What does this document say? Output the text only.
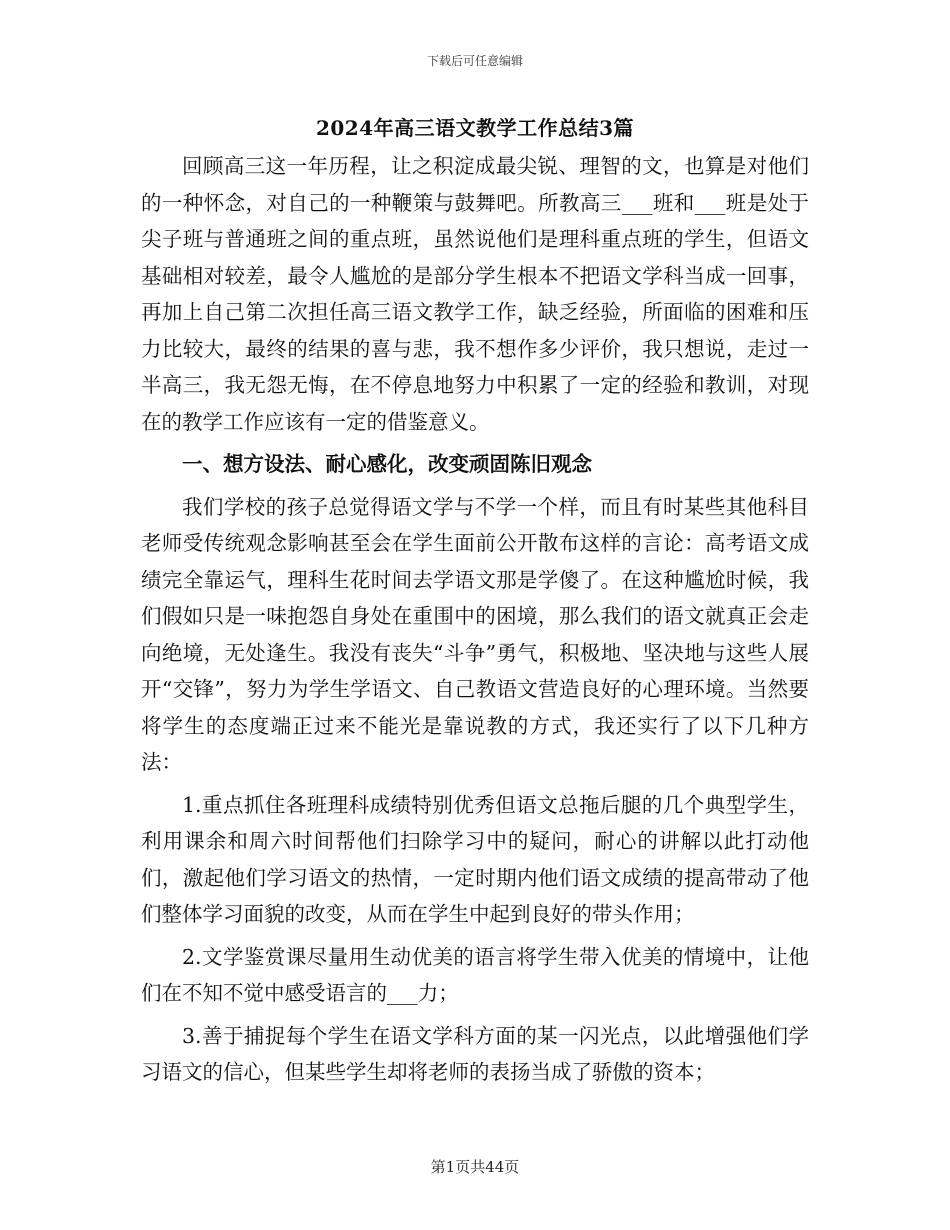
下载后可任意编辑
2024年高三语文教学工作总结3篇

回顾高三这一年历程，让之积淀成最尖锐、理智的文，也算是对他们的一种怀念，对自己的一种鞭策与鼓舞吧。所教高三___班和___班是处于尖子班与普通班之间的重点班，虽然说他们是理科重点班的学生，但语文基础相对较差，最令人尴尬的是部分学生根本不把语文学科当成一回事，再加上自己第二次担任高三语文教学工作，缺乏经验，所面临的困难和压力比较大，最终的结果的喜与悲，我不想作多少评价，我只想说，走过一半高三，我无怨无悔，在不停息地努力中积累了一定的经验和教训，对现在的教学工作应该有一定的借鉴意义。

一、想方设法、耐心感化，改变顽固陈旧观念

我们学校的孩子总觉得语文学与不学一个样，而且有时某些其他科目老师受传统观念影响甚至会在学生面前公开散布这样的言论：高考语文成绩完全靠运气，理科生花时间去学语文那是学傻了。在这种尴尬时候，我们假如只是一味抱怨自身处在重围中的困境，那么我们的语文就真正会走向绝境，无处逢生。我没有丧失“斗争”勇气，积极地、坚决地与这些人展开“交锋”，努力为学生学语文、自己教语文营造良好的心理环境。当然要将学生的态度端正过来不能光是靠说教的方式，我还实行了以下几种方法：

1.重点抓住各班理科成绩特别优秀但语文总拖后腿的几个典型学生，利用课余和周六时间帮他们扫除学习中的疑问，耐心的讲解以此打动他们，激起他们学习语文的热情，一定时期内他们语文成绩的提高带动了他们整体学习面貌的改变，从而在学生中起到良好的带头作用；

2.文学鉴赏课尽量用生动优美的语言将学生带入优美的情境中，让他们在不知不觉中感受语言的___力；

3.善于捕捉每个学生在语文学科方面的某一闪光点，以此增强他们学习语文的信心，但某些学生却将老师的表扬当成了骄傲的资本；

第1页共44页
